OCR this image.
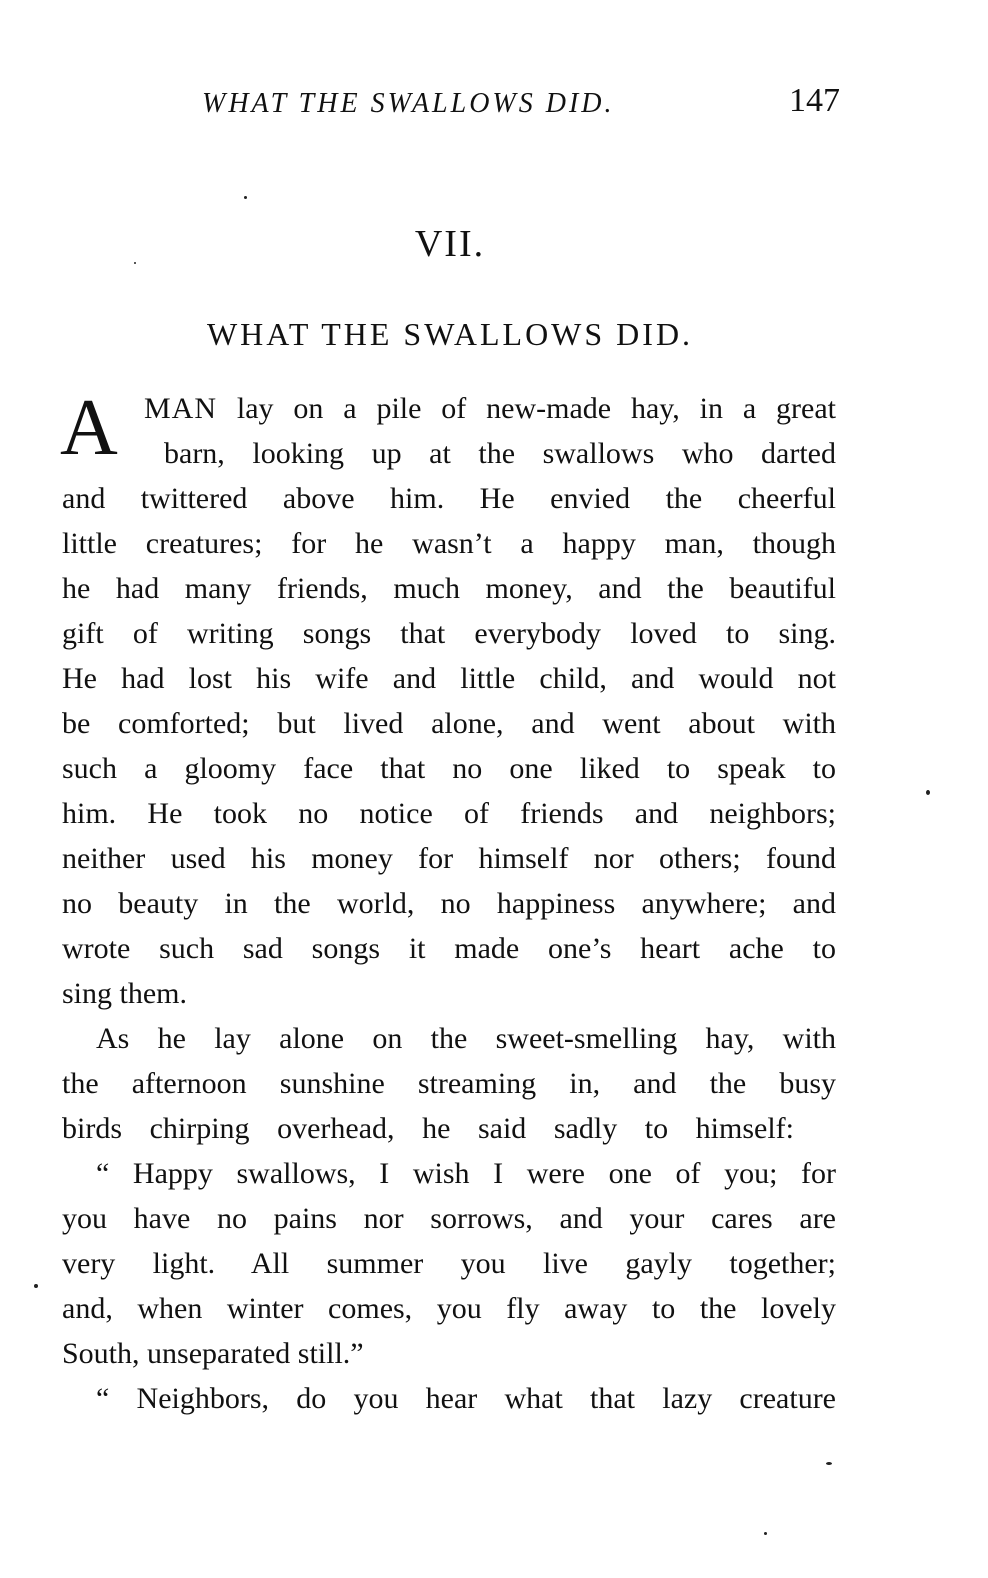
WHAT THE SWALLOWS DID.	147
VII.
WHAT THE SWALLOWS DID.
A MAN lay on a pile of new-made hay, in a great
barn, looking up at the swallows who darted
and twittered above him. He envied the cheerful
little creatures; for he wasn’t a happy man, though
he had many friends, much money, and the beautiful
gift of writing songs that everybody loved to sing.
He had lost his wife and little child, and would not
be comforted; but lived alone, and went about with
such a gloomy face that no one liked to speak to
him. He took no notice of friends and neighbors;
neither used his money for himself nor others; found
no beauty in the world, no happiness anywhere; and
wrote such sad songs it made one’s heart ache to
sing them.
As he lay alone on the sweet-smelling hay, with
the afternoon sunshine streaming in, and the busy
birds chirping overhead, he said sadly to himself:
“ Happy swallows, I wish I were one of you; for
you have no pains nor sorrows, and your cares are
very light. All summer you live gayly together;
and, when winter comes, you fly away to the lovely
South, unseparated still.”
“ Neighbors, do you hear what that lazy creature
